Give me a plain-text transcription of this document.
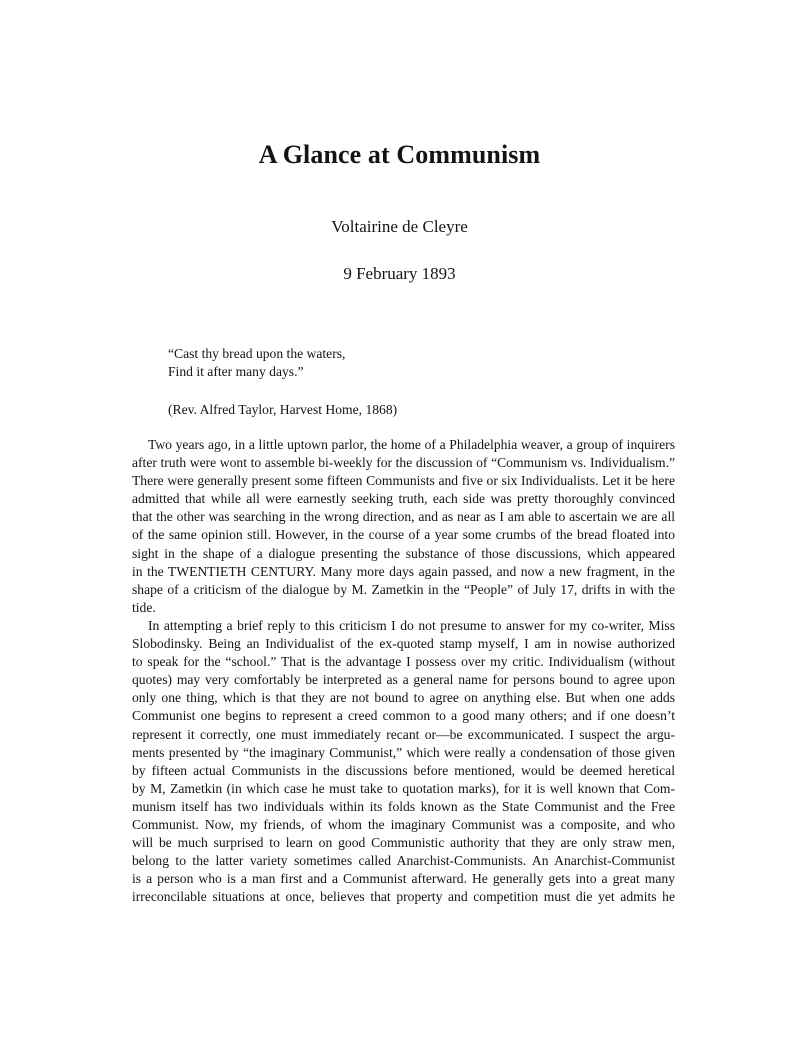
A Glance at Communism
Voltairine de Cleyre
9 February 1893
“Cast thy bread upon the waters,
Find it after many days.”
(Rev. Alfred Taylor, Harvest Home, 1868)
Two years ago, in a little uptown parlor, the home of a Philadelphia weaver, a group of inquirers
after truth were wont to assemble bi-weekly for the discussion of “Communism vs. Individualism.”
There were generally present some fifteen Communists and five or six Individualists. Let it be here
admitted that while all were earnestly seeking truth, each side was pretty thoroughly convinced
that the other was searching in the wrong direction, and as near as I am able to ascertain we are all
of the same opinion still. However, in the course of a year some crumbs of the bread floated into
sight in the shape of a dialogue presenting the substance of those discussions, which appeared
in the TWENTIETH CENTURY. Many more days again passed, and now a new fragment, in the
shape of a criticism of the dialogue by M. Zametkin in the “People” of July 17, drifts in with the
tide.
In attempting a brief reply to this criticism I do not presume to answer for my co-writer, Miss
Slobodinsky. Being an Individualist of the ex-quoted stamp myself, I am in nowise authorized
to speak for the “school.” That is the advantage I possess over my critic. Individualism (without
quotes) may very comfortably be interpreted as a general name for persons bound to agree upon
only one thing, which is that they are not bound to agree on anything else. But when one adds
Communist one begins to represent a creed common to a good many others; and if one doesn’t
represent it correctly, one must immediately recant or—be excommunicated. I suspect the argu-
ments presented by “the imaginary Communist,” which were really a condensation of those given
by fifteen actual Communists in the discussions before mentioned, would be deemed heretical
by M, Zametkin (in which case he must take to quotation marks), for it is well known that Com-
munism itself has two individuals within its folds known as the State Communist and the Free
Communist. Now, my friends, of whom the imaginary Communist was a composite, and who
will be much surprised to learn on good Communistic authority that they are only straw men,
belong to the latter variety sometimes called Anarchist-Communists. An Anarchist-Communist
is a person who is a man first and a Communist afterward. He generally gets into a great many
irreconcilable situations at once, believes that property and competition must die yet admits he
